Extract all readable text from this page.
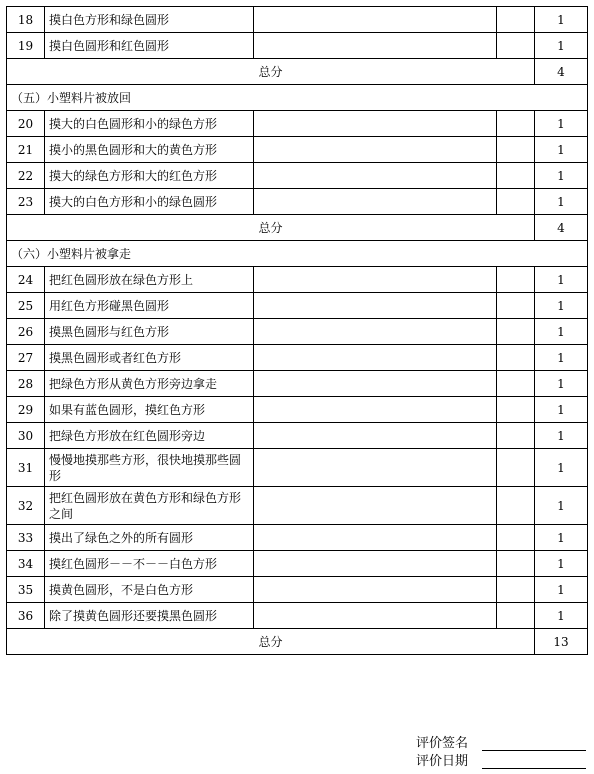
18	摸白色方形和绿色圆形			1
19	摸白色圆形和红色圆形			1
总分				4
（五）小塑料片被放回				
20	摸大的白色圆形和小的绿色方形			1
21	摸小的黑色圆形和大的黄色方形			1
22	摸大的绿色方形和大的红色方形			1
23	摸大的白色方形和小的绿色圆形			1
总分				4
（六）小塑料片被拿走				
24	把红色圆形放在绿色方形上			1
25	用红色方形碰黑色圆形			1
26	摸黑色圆形与红色方形			1
27	摸黑色圆形或者红色方形			1
28	把绿色方形从黄色方形旁边拿走			1
29	如果有蓝色圆形，摸红色方形			1
30	把绿色方形放在红色圆形旁边			1
31	慢慢地摸那些方形，很快地摸那些圆形			1
32	把红色圆形放在黄色方形和绿色方形之间			1
33	摸出了绿色之外的所有圆形			1
34	摸红色圆形－－不－－白色方形			1
35	摸黄色圆形，不是白色方形			1
36	除了摸黄色圆形还要摸黑色圆形			1
总分				13
评价签名
评价日期
